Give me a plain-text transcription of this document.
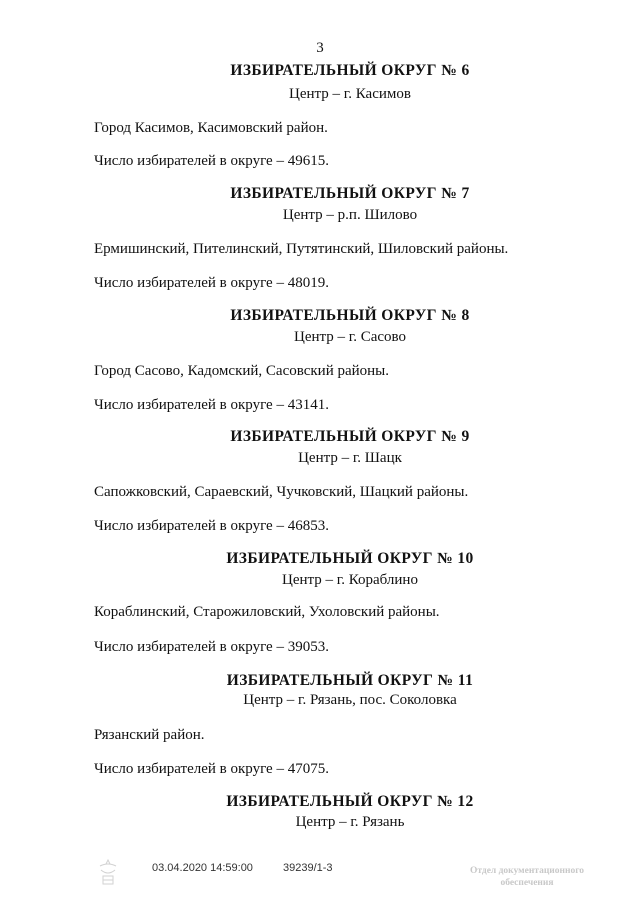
3
ИЗБИРАТЕЛЬНЫЙ ОКРУГ № 6
Центр – г. Касимов
Город Касимов, Касимовский район.
Число избирателей в округе – 49615.
ИЗБИРАТЕЛЬНЫЙ ОКРУГ № 7
Центр – р.п. Шилово
Ермишинский, Пителинский, Путятинский, Шиловский районы.
Число избирателей в округе – 48019.
ИЗБИРАТЕЛЬНЫЙ ОКРУГ № 8
Центр – г. Сасово
Город Сасово, Кадомский, Сасовский районы.
Число избирателей в округе – 43141.
ИЗБИРАТЕЛЬНЫЙ ОКРУГ № 9
Центр – г. Шацк
Сапожковский, Сараевский, Чучковский, Шацкий районы.
Число избирателей в округе – 46853.
ИЗБИРАТЕЛЬНЫЙ ОКРУГ № 10
Центр – г. Кораблино
Кораблинский, Старожиловский, Ухоловский районы.
Число избирателей в округе – 39053.
ИЗБИРАТЕЛЬНЫЙ ОКРУГ № 11
Центр – г. Рязань, пос. Соколовка
Рязанский район.
Число избирателей в округе – 47075.
ИЗБИРАТЕЛЬНЫЙ ОКРУГ № 12
Центр – г. Рязань
03.04.2020 14:59:00	39239/1-3	Отдел документационного
обеспечения
